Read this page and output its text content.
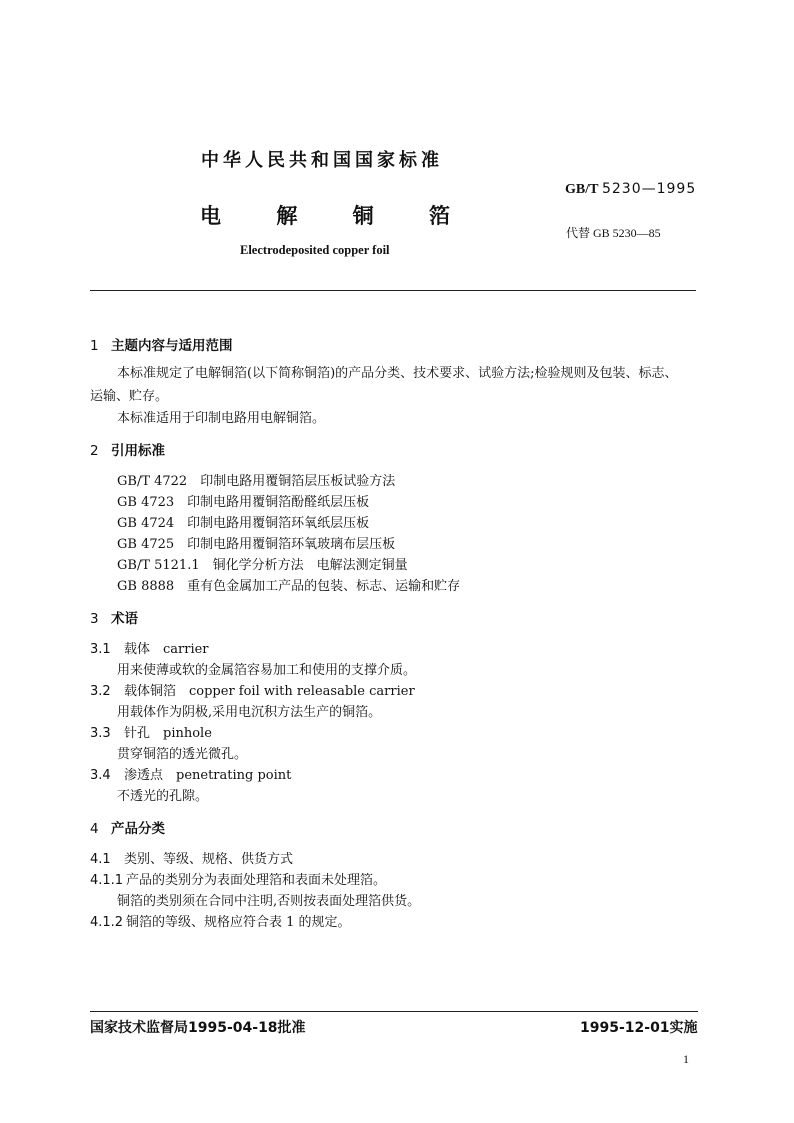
中华人民共和国国家标准
GB/T 5230—1995
电	解	铜	箔
代替 GB 5230—85
Electrodeposited copper foil
1 主题内容与适用范围
本标准规定了电解铜箔(以下简称铜箔)的产品分类、技术要求、试验方法;检验规则及包装、标志、
运输、贮存。
本标准适用于印制电路用电解铜箔。
2 引用标准
GB/T 4722　印制电路用覆铜箔层压板试验方法
GB 4723　印制电路用覆铜箔酚醛纸层压板
GB 4724　印制电路用覆铜箔环氧纸层压板
GB 4725　印制电路用覆铜箔环氧玻璃布层压板
GB/T 5121.1　铜化学分析方法　电解法测定铜量
GB 8888　重有色金属加工产品的包装、标志、运输和贮存
3 术语
3.1 载体　carrier
用来使薄或软的金属箔容易加工和使用的支撑介质。
3.2 载体铜箔　copper foil with releasable carrier
用载体作为阴极,采用电沉积方法生产的铜箔。
3.3 针孔　pinhole
贯穿铜箔的透光微孔。
3.4 渗透点　penetrating point
不透光的孔隙。
4 产品分类
4.1 类别、等级、规格、供货方式
4.1.1 产品的类别分为表面处理箔和表面未处理箔。
铜箔的类别须在合同中注明,否则按表面处理箔供货。
4.1.2 铜箔的等级、规格应符合表 1 的规定。
国家技术监督局1995-04-18批准	1995-12-01实施
1
